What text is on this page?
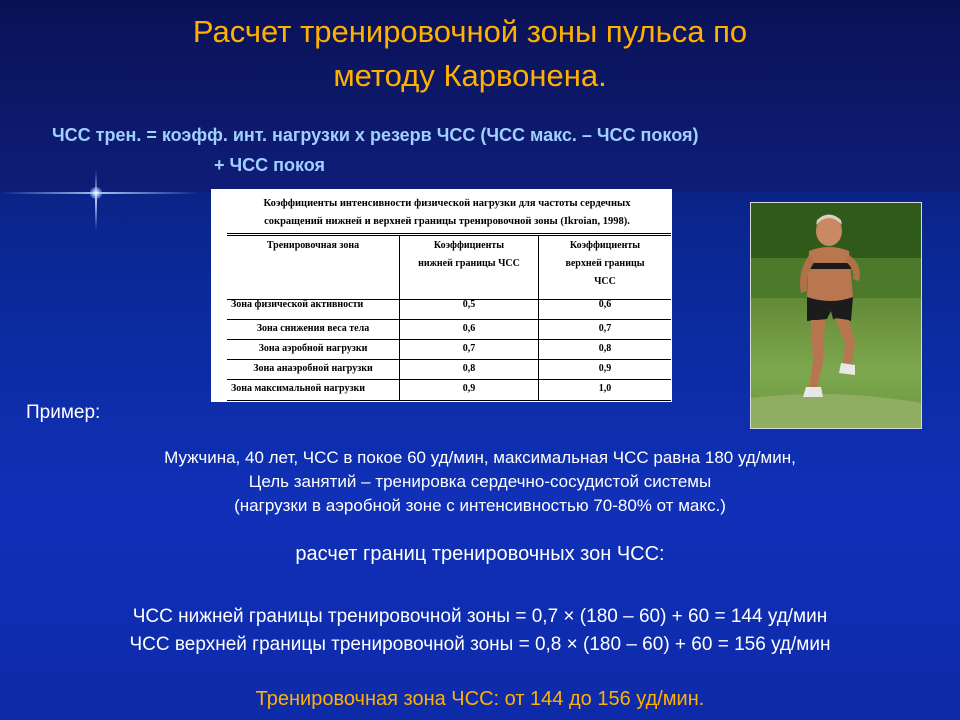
Расчет тренировочной зоны пульса по
методу Карвонена.
ЧСС трен. = коэфф. инт. нагрузки х резерв ЧСС (ЧСС макс. – ЧСС покоя)
+ ЧСС покоя
Коэффициенты интенсивности физической нагрузки для частоты сердечных
сокращений нижней и верхней границы тренировочной зоны (Ikroian, 1998).
Тренировочная зона	Коэффициенты
нижней границы ЧСС
Коэффициенты
верхней границы
ЧСС
Зона физической активности	0,5	0,6
Зона снижения веса тела	0,6	0,7
Зона аэробной нагрузки	0,7	0,8
Зона анаэробной нагрузки	0,8	0,9
Зона максимальной нагрузки	0,9	1,0
Пример:
Мужчина, 40 лет, ЧСС в покое 60 уд/мин, максимальная ЧСС равна 180 уд/мин,
Цель занятий – тренировка сердечно-сосудистой системы
(нагрузки в аэробной зоне с интенсивностью 70-80% от макс.)
расчет границ тренировочных зон ЧСС:
ЧСС нижней границы тренировочной зоны = 0,7 × (180 – 60) + 60 = 144 уд/мин
ЧСС верхней границы тренировочной зоны = 0,8 × (180 – 60) + 60 = 156 уд/мин
Тренировочная зона ЧСС: от 144 до 156 уд/мин.
